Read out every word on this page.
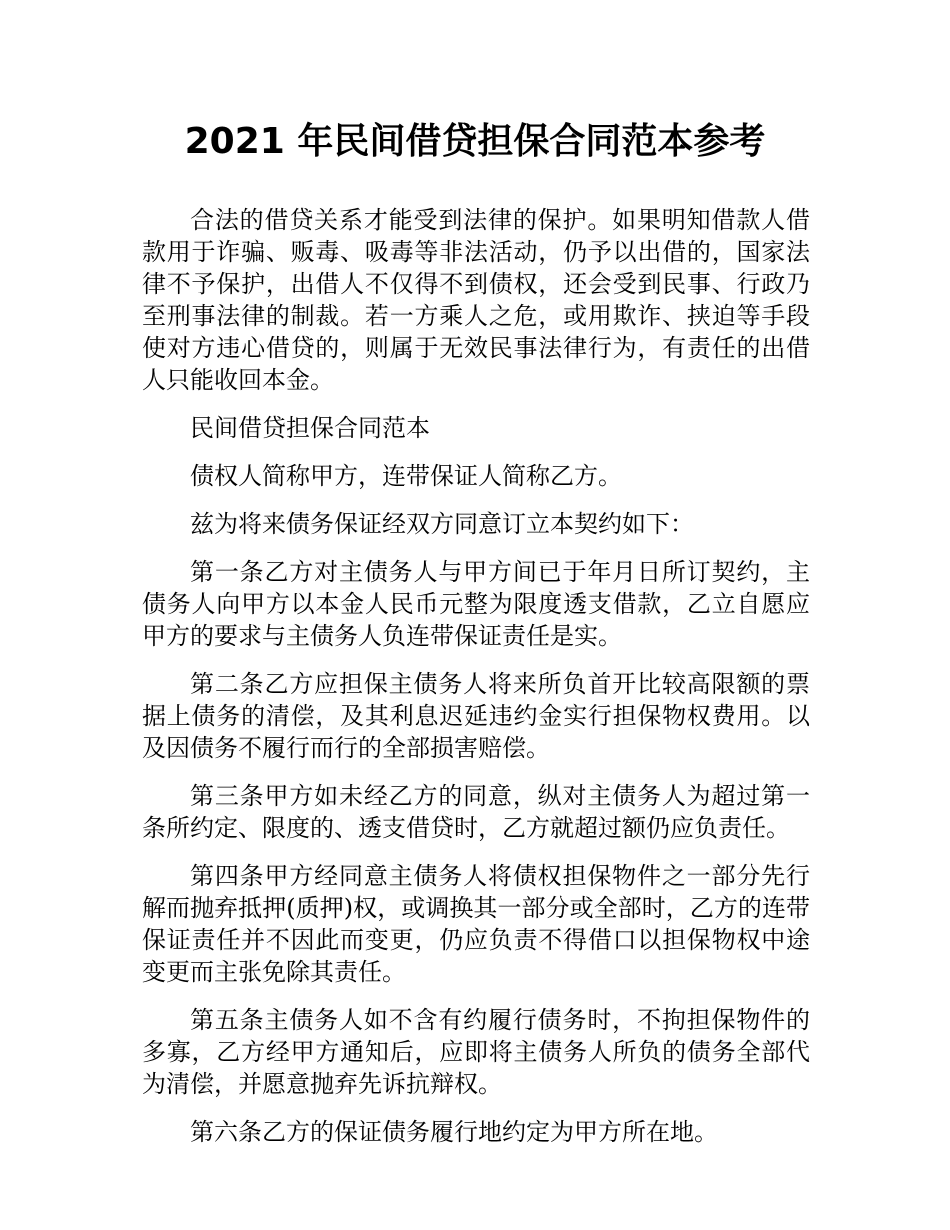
2021 年民间借贷担保合同范本参考

合法的借贷关系才能受到法律的保护。如果明知借款人借款用于诈骗、贩毒、吸毒等非法活动，仍予以出借的，国家法律不予保护，出借人不仅得不到债权，还会受到民事、行政乃至刑事法律的制裁。若一方乘人之危，或用欺诈、挟迫等手段使对方违心借贷的，则属于无效民事法律行为，有责任的出借人只能收回本金。

民间借贷担保合同范本

债权人简称甲方，连带保证人简称乙方。

兹为将来债务保证经双方同意订立本契约如下：

第一条乙方对主债务人与甲方间已于年月日所订契约，主债务人向甲方以本金人民币元整为限度透支借款，乙立自愿应甲方的要求与主债务人负连带保证责任是实。

第二条乙方应担保主债务人将来所负首开比较高限额的票据上债务的清偿，及其利息迟延违约金实行担保物权费用。以及因债务不履行而行的全部损害赔偿。

第三条甲方如未经乙方的同意，纵对主债务人为超过第一条所约定、限度的、透支借贷时，乙方就超过额仍应负责任。

第四条甲方经同意主债务人将债权担保物件之一部分先行解而抛弃抵押(质押)权，或调换其一部分或全部时，乙方的连带保证责任并不因此而变更，仍应负责不得借口以担保物权中途变更而主张免除其责任。

第五条主债务人如不含有约履行债务时，不拘担保物件的多寡，乙方经甲方通知后，应即将主债务人所负的债务全部代为清偿，并愿意抛弃先诉抗辩权。

第六条乙方的保证债务履行地约定为甲方所在地。
